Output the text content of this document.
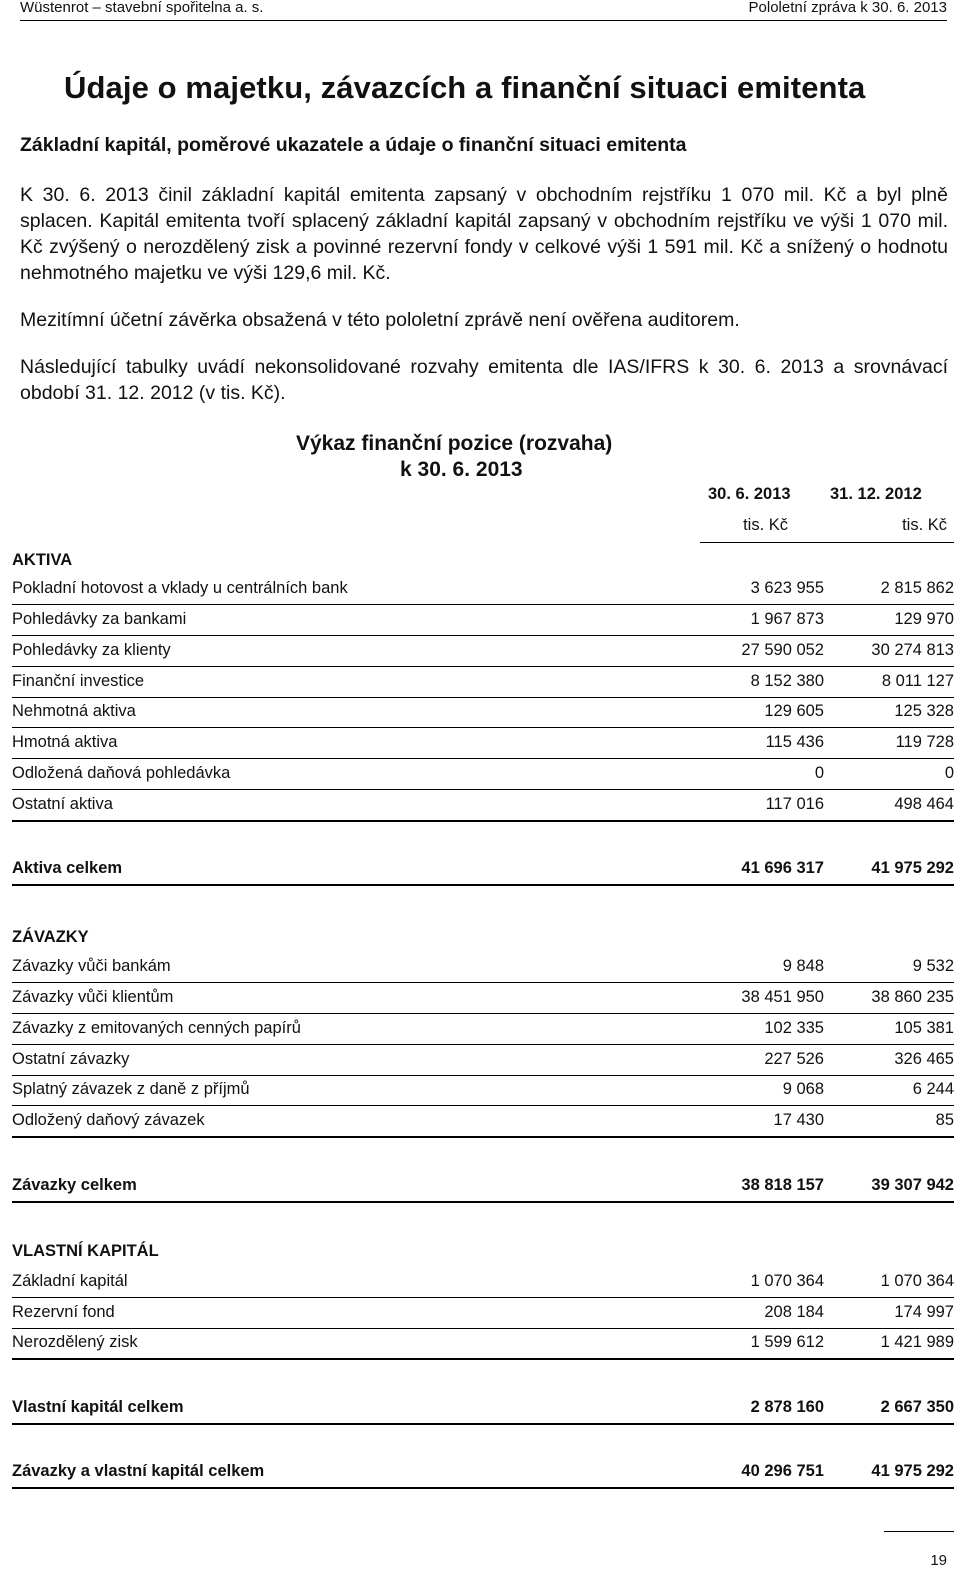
Wüstenrot – stavební spořitelna a. s.	Pololetní zpráva k 30. 6. 2013
Údaje o majetku, závazcích a finanční situaci emitenta
Základní kapitál, poměrové ukazatele a údaje o finanční situaci emitenta
K 30. 6. 2013 činil základní kapitál emitenta zapsaný v obchodním rejstříku 1 070 mil. Kč a byl plně splacen. Kapitál emitenta tvoří splacený základní kapitál zapsaný v obchodním rejstříku ve výši 1 070 mil. Kč zvýšený o nerozdělený zisk a povinné rezervní fondy v celkové výši 1 591 mil. Kč a snížený o hodnotu nehmotného majetku ve výši 129,6 mil. Kč.
Mezitímní účetní závěrka obsažená v této pololetní zprávě není ověřena auditorem.
Následující tabulky uvádí nekonsolidované rozvahy emitenta dle IAS/IFRS k 30. 6. 2013 a srovnávací období 31. 12. 2012 (v tis. Kč).
Výkaz finanční pozice (rozvaha)
k 30. 6. 2013
30. 6. 2013 31. 12. 2012
tis. Kč	tis. Kč
AKTIVA
Pokladní hotovost a vklady u centrálních bank	3 623 955	2 815 862
Pohledávky za bankami	1 967 873	129 970
Pohledávky za klienty	27 590 052	30 274 813
Finanční investice	8 152 380	8 011 127
Nehmotná aktiva	129 605	125 328
Hmotná aktiva	115 436	119 728
Odložená daňová pohledávka	0	0
Ostatní aktiva	117 016	498 464
Aktiva celkem	41 696 317	41 975 292
ZÁVAZKY
Závazky vůči bankám	9 848	9 532
Závazky vůči klientům	38 451 950	38 860 235
Závazky z emitovaných cenných papírů	102 335	105 381
Ostatní závazky	227 526	326 465
Splatný závazek z daně z příjmů	9 068	6 244
Odložený daňový závazek	17 430	85
Závazky celkem	38 818 157	39 307 942
VLASTNÍ KAPITÁL
Základní kapitál	1 070 364	1 070 364
Rezervní fond	208 184	174 997
Nerozdělený zisk	1 599 612	1 421 989
Vlastní kapitál celkem	2 878 160	2 667 350
Závazky a vlastní kapitál celkem	40 296 751	41 975 292
19
